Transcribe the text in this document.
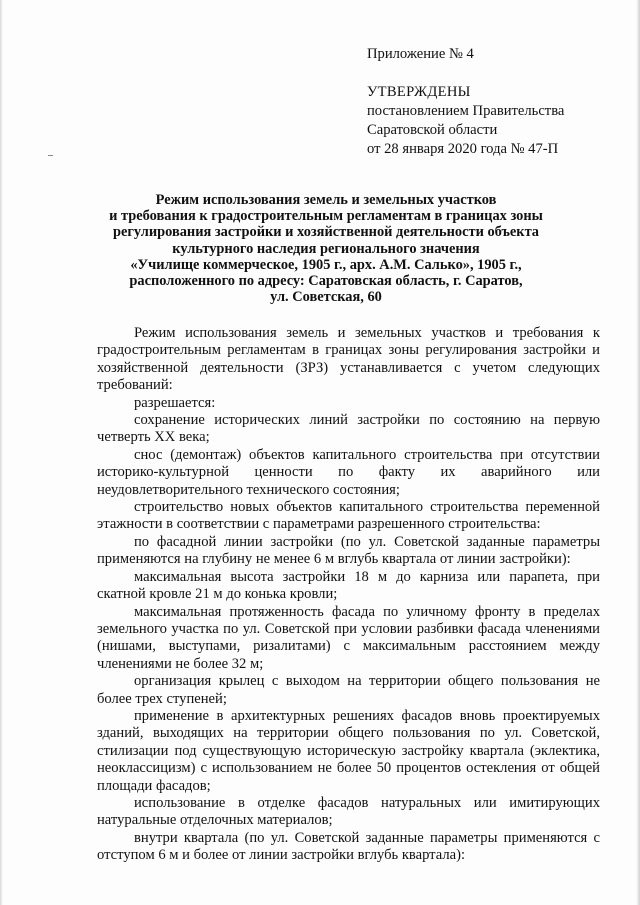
Приложение № 4
УТВЕРЖДЕНЫ
постановлением Правительства
Саратовской области
от 28 января 2020 года № 47-П
Режим использования земель и земельных участков
и требования к градостроительным регламентам в границах зоны
регулирования застройки и хозяйственной деятельности объекта
культурного наследия регионального значения
«Училище коммерческое, 1905 г., арх. А.М. Салько», 1905 г.,
расположенного по адресу: Саратовская область, г. Саратов,
ул. Советская, 60

Режим использования земель и земельных участков и требования к градостроительным регламентам в границах зоны регулирования застройки и хозяйственной деятельности (ЗРЗ) устанавливается с учетом следующих требований:

разрешается:

сохранение исторических линий застройки по состоянию на первую четверть XX века;

снос (демонтаж) объектов капитального строительства при отсутствии историко-культурной ценности по факту их аварийного или неудовлетворительного технического состояния;

строительство новых объектов капитального строительства переменной этажности в соответствии с параметрами разрешенного строительства:

по фасадной линии застройки (по ул. Советской заданные параметры применяются на глубину не менее 6 м вглубь квартала от линии застройки):

максимальная высота застройки 18 м до карниза или парапета, при скатной кровле 21 м до конька кровли;

максимальная протяженность фасада по уличному фронту в пределах земельного участка по ул. Советской при условии разбивки фасада членениями (нишами, выступами, ризалитами) с максимальным расстоянием между членениями не более 32 м;

организация крылец с выходом на территории общего пользования не более трех ступеней;

применение в архитектурных решениях фасадов вновь проектируемых зданий, выходящих на территории общего пользования по ул. Советской, стилизации под существующую историческую застройку квартала (эклектика, неоклассицизм) с использованием не более 50 процентов остекления от общей площади фасадов;

использование в отделке фасадов натуральных или имитирующих натуральные отделочных материалов;

внутри квартала (по ул. Советской заданные параметры применяются с отступом 6 м и более от линии застройки вглубь квартала):
